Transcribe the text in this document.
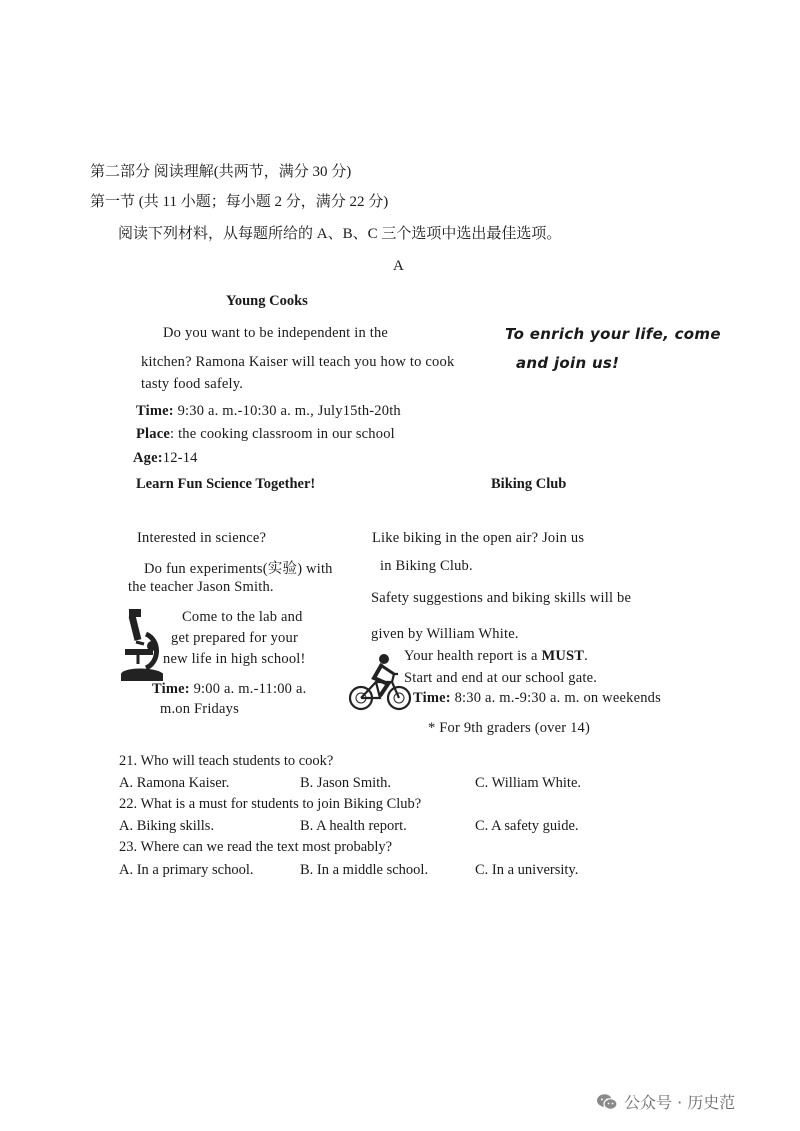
第二部分 阅读理解(共两节，满分 30 分)
第一节 (共 11 小题；每小题 2 分，满分 22 分)
阅读下列材料，从每题所给的 A、B、C 三个选项中选出最佳选项。
A
Young Cooks
Do you want to be independent in the
kitchen? Ramona Kaiser will teach you how to cook
tasty food safely.
Time: 9:30 a. m.-10:30 a. m., July15th-20th
Place: the cooking classroom in our school
Age:12-14
To enrich your life, come
and join us!
Learn Fun Science Together!	Biking Club
Interested in science?
Do fun experiments(实验) with
the teacher Jason Smith.
Come to the lab and
get prepared for your
new life in high school!
Time: 9:00 a. m.-11:00 a.
m.on Fridays
Like biking in the open air? Join us
in Biking Club.
Safety suggestions and biking skills will be
given by William White.
Your health report is a MUST.
Start and end at our school gate.
Time: 8:30 a. m.-9:30 a. m. on weekends
* For 9th graders (over 14)
21. Who will teach students to cook?
A. Ramona Kaiser.	B. Jason Smith.	C. William White.
22. What is a must for students to join Biking Club?
A. Biking skills.	B. A health report.	C. A safety guide.
23. Where can we read the text most probably?
A. In a primary school.	B. In a middle school.	C. In a university.
公众号 · 历史范
